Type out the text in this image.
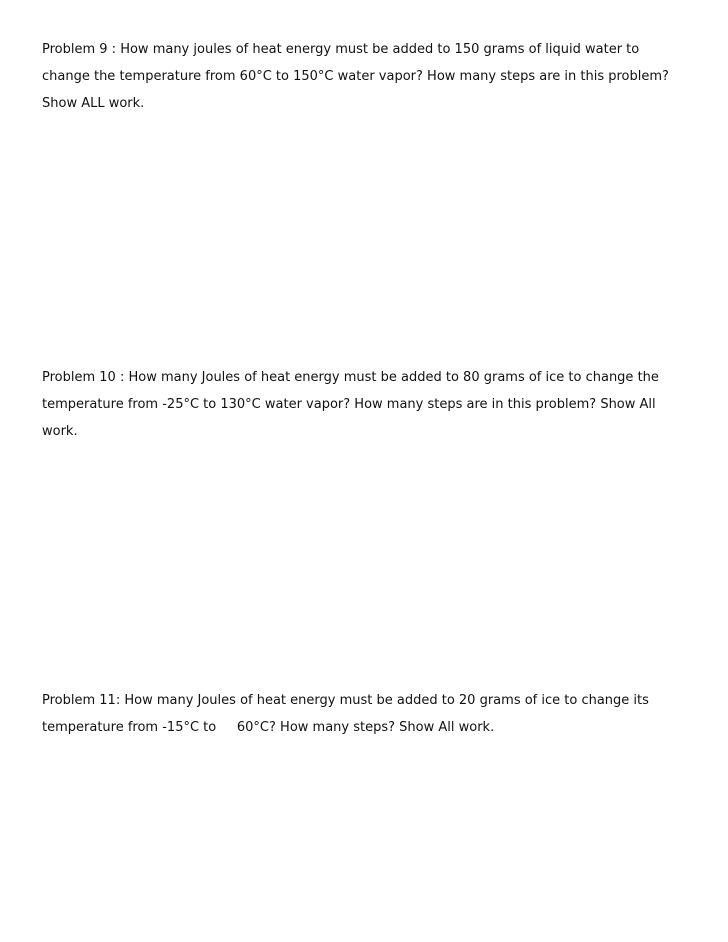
Problem 9 : How many joules of heat energy must be added to 150 grams of liquid water to
change the temperature from 60°C to 150°C water vapor? How many steps are in this problem?
Show ALL work.
Problem 10 : How many Joules of heat energy must be added to 80 grams of ice to change the
temperature from -25°C to 130°C water vapor? How many steps are in this problem? Show All
work.
Problem 11: How many Joules of heat energy must be added to 20 grams of ice to change its
temperature from -15°C to     60°C? How many steps? Show All work.
